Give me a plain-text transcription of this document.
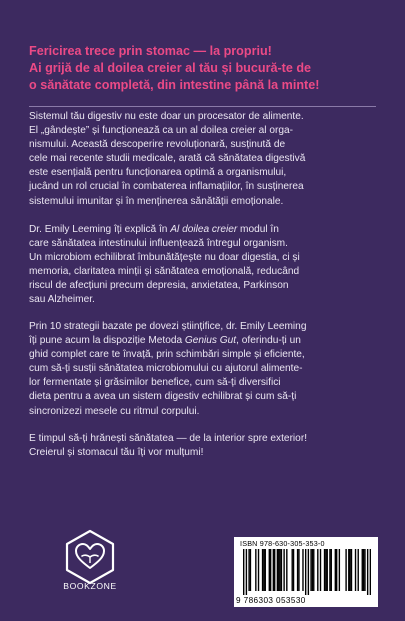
Fericirea trece prin stomac — la propriu!
Ai grijă de al doilea creier al tău și bucură-te de
o sănătate completă, din intestine până la minte!
Sistemul tău digestiv nu este doar un procesator de alimente.
El „gândește” și funcționează ca un al doilea creier al orga-
nismului. Această descoperire revoluționară, susținută de
cele mai recente studii medicale, arată că sănătatea digestivă
este esențială pentru funcționarea optimă a organismului,
jucând un rol crucial în combaterea inflamațiilor, în susținerea
sistemului imunitar și în menținerea sănătății emoționale.
Dr. Emily Leeming îți explică în Al doilea creier modul în
care sănătatea intestinului influențează întregul organism.
Un microbiom echilibrat îmbunătățește nu doar digestia, ci și
memoria, claritatea minții și sănătatea emoțională, reducând
riscul de afecțiuni precum depresia, anxietatea, Parkinson
sau Alzheimer.
Prin 10 strategii bazate pe dovezi științifice, dr. Emily Leeming
îți pune acum la dispoziție Metoda Genius Gut, oferindu-ți un
ghid complet care te învață, prin schimbări simple și eficiente,
cum să-ți susții sănătatea microbiomului cu ajutorul alimente-
lor fermentate și grăsimilor benefice, cum să-ți diversifici
dieta pentru a avea un sistem digestiv echilibrat și cum să-ți
sincronizezi mesele cu ritmul corpului.
E timpul să-ți hrănești sănătatea — de la interior spre exterior!
Creierul și stomacul tău îți vor mulțumi!
BOOKZONE
ISBN 978-630-305-353-0
9 786303 053530
